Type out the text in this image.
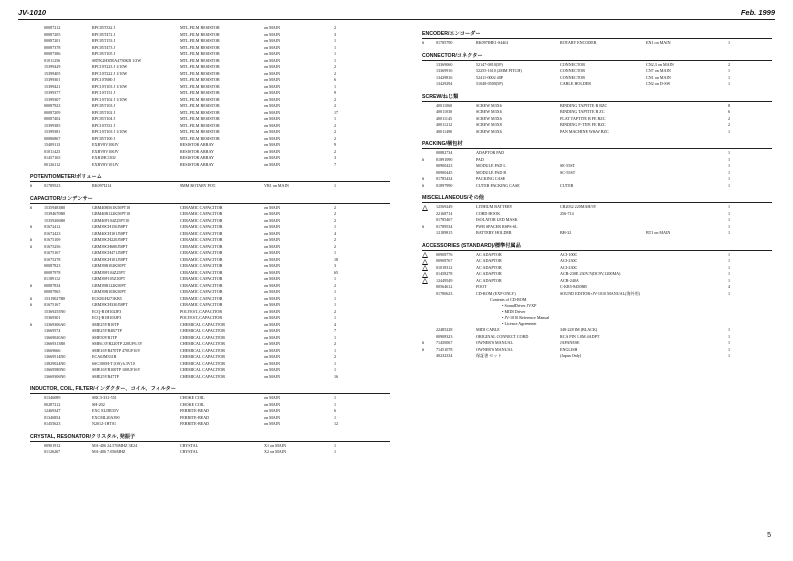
JV-1010	Feb. 1999
00087212	RPC05T332 J	MTL.FILM RESISTOR	on MAIN	2
00087205	RPC05T472 J	MTL.FILM RESISTOR	on MAIN	3
00087201	RPC05T153 J	MTL.FILM RESISTOR	on MAIN	1
00087378	RPC05T473 J	MTL.FILM RESISTOR	on MAIN	1
00087386	RPC05T105 J	MTL.FILM RESISTOR	on MAIN	1
01011256	SRTK2H3D0A4750KR 1/2W	MTL.FILM RESISTOR	on MAIN	1
15399429	RPC10T223 J 1/10W	MTL.FILM RESISTOR	on MAIN	2
15399405	RPC10T222 J 1/10W	MTL.FILM RESISTOR	on MAIN	2
15399301	RPC10T680 J	MTL.FILM RESISTOR	on MAIN	6
15399421	RPC10T103 J 1/10W	MTL.FILM RESISTOR	on MAIN	1
15399377	RPC10T151 J	MTL.FILM RESISTOR	on MAIN	9
15399307	RPC10T102 J 1/10W	MTL.FILM RESISTOR	on MAIN	2
00087923	RPC05T103 J	MTL.FILM RESISTOR	on MAIN	2
00087209	RPC05T102 J	MTL.FILM RESISTOR	on MAIN	17
00087402	RPC05T104 J	MTL.FILM RESISTOR	on MAIN	1
15399385	RPC10T331 J	MTL.FILM RESISTOR	on MAIN	2
15399381	RPC10T103 J 1/10W	MTL.FILM RESISTOR	on MAIN	2
00086867	RPC05T100 J	MTL.FILM RESISTOR	on MAIN	2
15409113	EXBV8V100JV	RESISTOR ARRAY	on MAIN	9
01011423	EXBV8V100JV	RESISTOR ARRAY	on MAIN	2
01457165	EXB1HC103J	RESISTOR ARRAY	on MAIN	3
00126112	EXBV8V101JV	RESISTOR ARRAY	on MAIN	7
POTENTIOMETER/ボリューム
#	01789523	RK097I214	9MM ROTARY POT.	VR1 on MAIN	1
CAPACITOR/コンデンサー
#	15359483B0	GRM40B561K50PT10	CERAMIC CAPACITOR	on MAIN	2
15394670B0	GRM40B122K50PT10	CERAMIC CAPACITOR	on MAIN	2
15359206B0	GRM40F104Z25PT10	CERAMIC CAPACITOR	on MAIN	2
#	01672412	GRM39CH150J50PT	CERAMIC CAPACITOR	on MAIN	1
01672423	GRM40CH101J50PT	CERAMIC CAPACITOR	on MAIN	4
#	01675109	GRM39CH220J50PT	CERAMIC CAPACITOR	on MAIN	2
#	01675256	GRM39CH680J50PT	CERAMIC CAPACITOR	on MAIN	2
01675167	GRM39CH471J50PT	CERAMIC CAPACITOR	on MAIN	1
01675278	GRM39CH101J50PT	CERAMIC CAPACITOR	on MAIN	18
00087823	GRM39B102K50PT	CERAMIC CAPACITOR	on MAIN	3
00087978	GRM39F104Z25PT	CERAMIC CAPACITOR	on MAIN	65
01189112	GRM39F105Z10PT	CERAMIC CAPACITOR	on MAIN	1
#	00087834	GRM39B122K50PT	CERAMIC CAPACITOR	on MAIN	2
00087965	GRM39B103K50PT	CERAMIC CAPACITOR	on MAIN	1
#	15319027B0	ECKR1H271KB5	CERAMIC CAPACITOR	on MAIN	1
#	01675167	GRM39CH330J50PT	CERAMIC CAPACITOR	on MAIN	1
15369255N0	ECQ-B1H102JF3	POLYEST.,CAPACITOR	on MAIN	2
15369301	ECQ-B1H103JF3	POLYEST.,CAPACITOR	on MAIN	1
#	13369306A0	SME25VB10TP	CHEMICAL CAPACITOR	on MAIN	4
13669574	SME25VB4R7TP	CHEMICAL CAPACITOR	on MAIN	7
13669020A0	SME50VB1TP	CHEMICAL CAPACITOR	on MAIN	1
13669313B0	SME6.3VB220TP 220UF6.3V	CHEMICAL CAPACITOR	on MAIN	2
13669666	SME16VB470TP 470UF16V	CHEMICAL CAPACITOR	on MAIN	1
13669514N0	ECA0JM331B	CHEMICAL CAPACITOR	on MAIN	2
13829024N0	6SC100M-T (OS) 6.3V10	CHEMICAL CAPACITOR	on MAIN	1
13669580N0	SME16VB100TP 100UF16V	CHEMICAL CAPACITOR	on MAIN	1
13669306N0	SME25VB47TP	CHEMICAL CAPACITOR	on MAIN	16
INDUCTOR, COIL, FILTER/インダクター、コイル、フィルター
01346089	SBC3-331-551	CHOKE COIL	on MAIN	1
00287212	SH-202	CHOKE COIL	on MAIN	1
12469347	EXC ELDR35V	FERRITE-BEAD	on MAIN	6
01346854	EXCML20A390	FERRITE-BEAD	on MAIN	1
01455623	N2012-1HT01	FERRITE-BEAD	on MAIN	12
CRYSTAL, RESONATOR/クリスタル, 発振子
00901912	MA-406 24.576MHZ 3E24	CRYSTAL	X1 on MAIN	1
01126267	MA-406 7.056MHZ	CRYSTAL	X2 on MAIN	1
ENCODER/エンコーダー
#	01785790	RK097IHE1-S4461	ROTARY ENCODER	EN1 on MAIN	1
CONNECTOR/コネクター
13369060	52147-0810(5P)	CONNECTOR	CN2,3 on MAIN	2
13369916	52255-1610 (2MM PITCH)	CONNECTOR	CN7 on MAIN	1
13429816	52411-0002 40P	CONNECTOR	CN1 on MAIN	1
13429294	51048-0500(5P)	CABLE HOLDER	CN2 on D-SW	1
SCREW/ねじ類
40011060	SCREW M3X6	BINDING TAPTITE B BZC	8
40011030	SCREW M3X6	BINDING TAPTITE B ZC	6
40011145	SCREW M3X6	FLAT TAPTITE B FE BZC	2
40011212	SCREW M3X8	BINDING P-TITE FE BZC	2
40011490	SCREW M3X6	PAN MACHINE W&W BZC	1
PACKING/梱包材
00882734	ADAPTOR PAD	1
#	01891090	PAD	1
00900423	MODULE PAD L	SE-55ST	1
00900445	MODULE PAD R	SC-55ST	1
#	01785434	PACKING CASE	1
#	01897990	CUTER PACKING CASE	CUTER	1
MISCELLANEOUS/その他
12569249	LITHIUM BATTERY	CR2032 220MAH/3V	1
22168714	CORD HOOK	256-714	1
01785467	ISOLATOR LED MASK	1
#	01789534	PWB SPACER RSPS-6L	1
12189815	BATTERY HOLDER	BH-32	BT1 on MAIN	1
ACCESSORIES (STANDARD)/標準付属品
00908776	AC ADAPTOR	ACI-100C	1
00908767	AC ADAPTOR	ACI-230C	1
01018312	AC ADAPTOR	ACI-230C	1
01458278	AC ADAPTOR	ACB-230E 230V/5(DC9V,1200MA)	1
12449549	AC ADAPTOR	ACB-240A	1
00564612	FOOT	C-KR5-8450BB	4
01780623	CD-ROM (EXP ONLY)	SOUND EDITOR+JV-1010 MANUAL(海外用)	1
Contents of CD-ROM
• SoundDriver JVXP
• MIDI Driver
• JV-1010 Reference Manual
• Licence Agreement
22485228	MIDI CABLE	348-228 IM (BLACK)	1
00908323	ORIGINAL CONNECT CORD	RCA PIN 1.0M 4ADPT	1
#	71450067	OWNER'S MANUAL	JAPANESE	1
#	71451078	OWNER'S MANUAL	ENGLISH	1
40232334	保証書 セット	(Japan Only)	1
5
